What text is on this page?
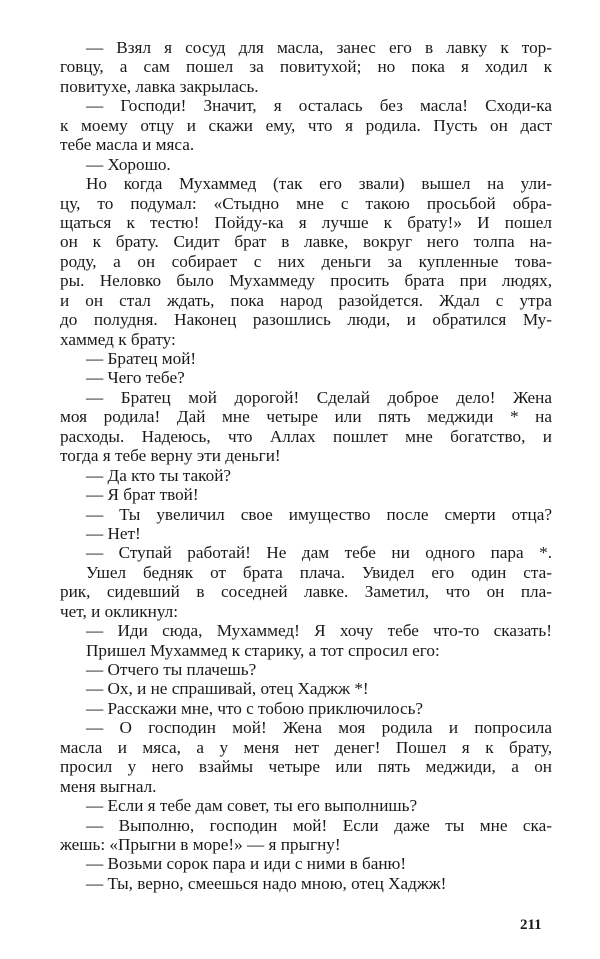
— Взял я сосуд для масла, занес его в лавку к тор-
говцу, а сам пошел за повитухой; но пока я ходил к
повитухе, лавка закрылась.
— Господи! Значит, я осталась без масла! Сходи-ка
к моему отцу и скажи ему, что я родила. Пусть он даст
тебе масла и мяса.
— Хорошо.
Но когда Мухаммед (так его звали) вышел на ули-
цу, то подумал: «Стыдно мне с такою просьбой обра-
щаться к тестю! Пойду-ка я лучше к брату!» И пошел
он к брату. Сидит брат в лавке, вокруг него толпа на-
роду, а он собирает с них деньги за купленные това-
ры. Неловко было Мухаммеду просить брата при людях,
и он стал ждать, пока народ разойдется. Ждал с утра
до полудня. Наконец разошлись люди, и обратился Му-
хаммед к брату:
— Братец мой!
— Чего тебе?
— Братец мой дорогой! Сделай доброе дело! Жена
моя родила! Дай мне четыре или пять меджиди * на
расходы. Надеюсь, что Аллах пошлет мне богатство, и
тогда я тебе верну эти деньги!
— Да кто ты такой?
— Я брат твой!
— Ты увеличил свое имущество после смерти отца?
— Нет!
— Ступай работай! Не дам тебе ни одного пара *.
Ушел бедняк от брата плача. Увидел его один ста-
рик, сидевший в соседней лавке. Заметил, что он пла-
чет, и окликнул:
— Иди сюда, Мухаммед! Я хочу тебе что-то сказать!
Пришел Мухаммед к старику, а тот спросил его:
— Отчего ты плачешь?
— Ох, и не спрашивай, отец Хаджж *!
— Расскажи мне, что с тобою приключилось?
— О господин мой! Жена моя родила и попросила
масла и мяса, а у меня нет денег! Пошел я к брату,
просил у него взаймы четыре или пять меджиди, а он
меня выгнал.
— Если я тебе дам совет, ты его выполнишь?
— Выполню, господин мой! Если даже ты мне ска-
жешь: «Прыгни в море!» — я прыгну!
— Возьми сорок пара и иди с ними в баню!
— Ты, верно, смеешься надо мною, отец Хаджж!
211
